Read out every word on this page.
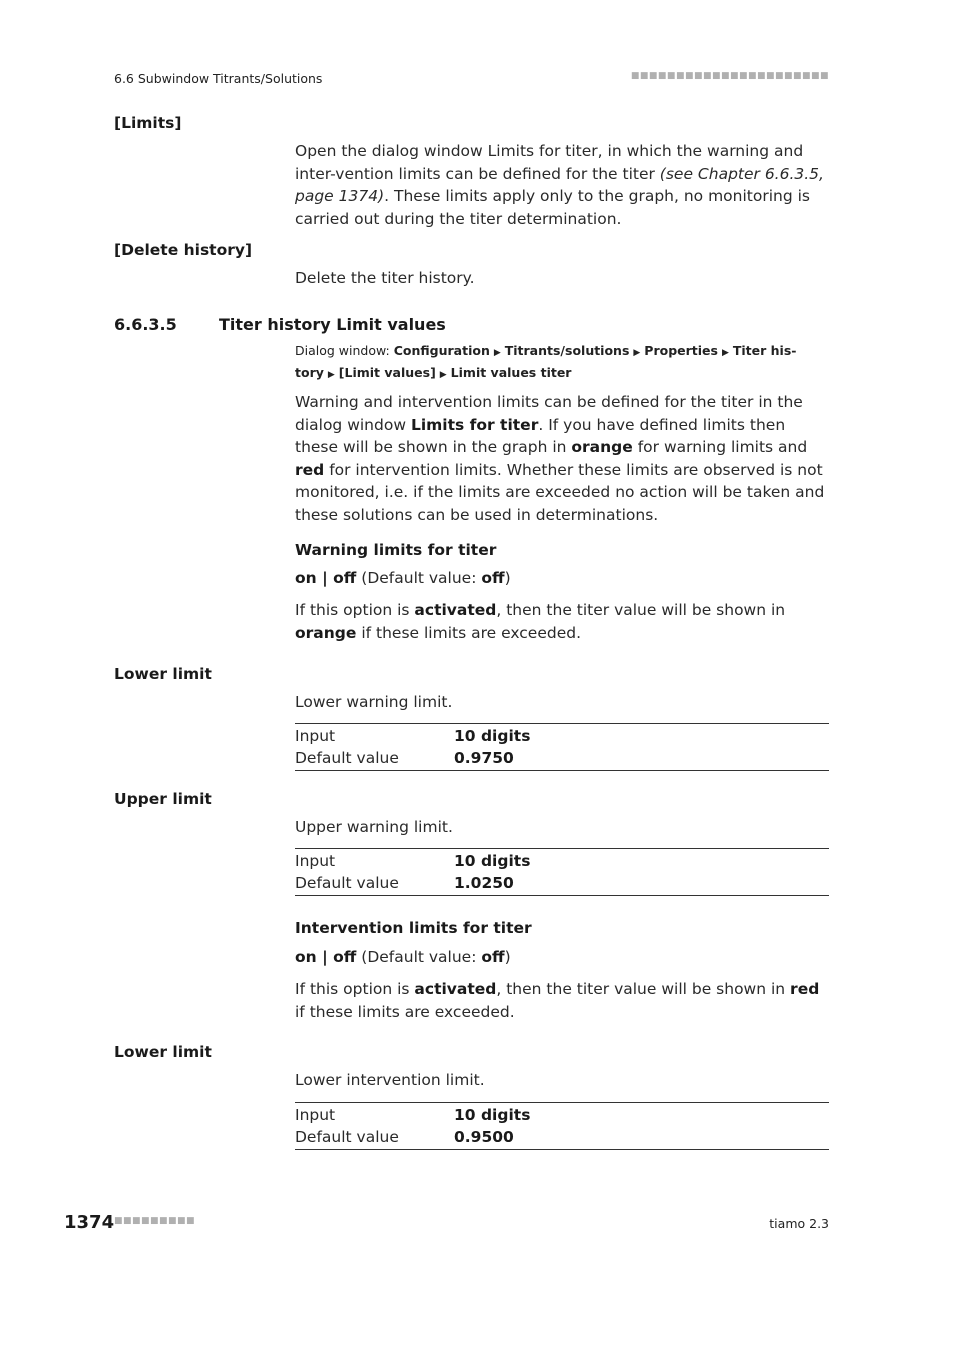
6.6 Subwindow Titrants/Solutions	■■■■■■■■■■■■■■■■■■■■■■
[Limits]
Open the dialog window Limits for titer, in which the warning and inter-vention limits can be defined for the titer (see Chapter 6.6.3.5, page 1374). These limits apply only to the graph, no monitoring is carried out during the titer determination.
[Delete history]
Delete the titer history.
6.6.3.5	Titer history Limit values
Dialog window: Configuration ▶ Titrants/solutions ▶ Properties ▶ Titer his-
tory ▶ [Limit values] ▶ Limit values titer
Warning and intervention limits can be defined for the titer in the dialog window Limits for titer. If you have defined limits then these will be shown in the graph in orange for warning limits and red for intervention limits. Whether these limits are observed is not monitored, i.e. if the limits are exceeded no action will be taken and these solutions can be used in determinations.
Warning limits for titer
on | off (Default value: off)
If this option is activated, then the titer value will be shown in orange if these limits are exceeded.
Lower limit
Lower warning limit.
Input	10 digits
Default value	0.9750
Upper limit
Upper warning limit.
Input	10 digits
Default value	1.0250
Intervention limits for titer
on | off (Default value: off)
If this option is activated, then the titer value will be shown in red if these limits are exceeded.
Lower limit
Lower intervention limit.
Input	10 digits
Default value	0.9500
1374 ■■■■■■■■■	tiamo 2.3
